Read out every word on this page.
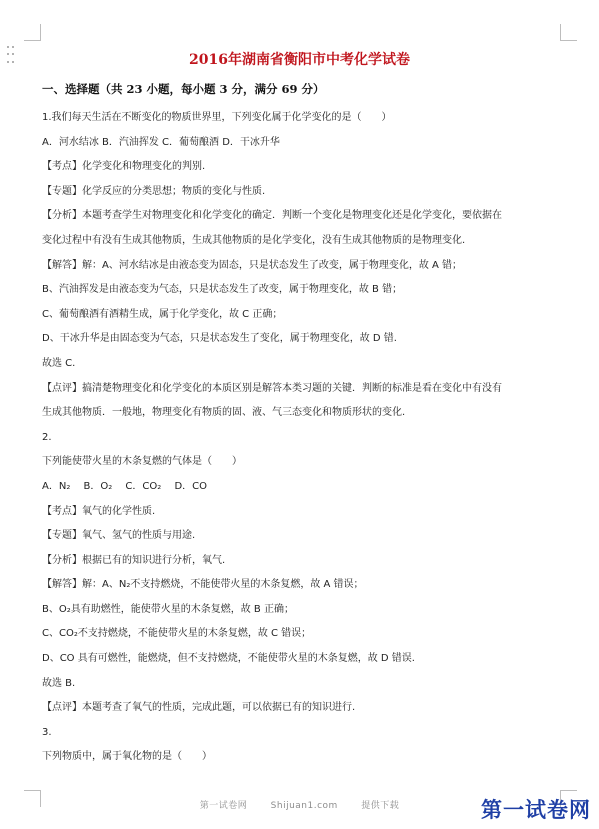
2016年湖南省衡阳市中考化学试卷
一、选择题（共 23 小题，每小题 3 分，满分 69 分）
1.我们每天生活在不断变化的物质世界里，下列变化属于化学变化的是（　　）
A．河水结冰 B．汽油挥发 C．葡萄酿酒 D．干冰升华
【考点】化学变化和物理变化的判别.
【专题】化学反应的分类思想；物质的变化与性质.
【分析】本题考查学生对物理变化和化学变化的确定．判断一个变化是物理变化还是化学变化，要依据在
变化过程中有没有生成其他物质，生成其他物质的是化学变化，没有生成其他物质的是物理变化.
【解答】解：A、河水结冰是由液态变为固态，只是状态发生了改变，属于物理变化，故 A 错；
B、汽油挥发是由液态变为气态，只是状态发生了改变，属于物理变化，故 B 错；
C、葡萄酿酒有酒精生成，属于化学变化，故 C 正确；
D、干冰升华是由固态变为气态，只是状态发生了变化，属于物理变化，故 D 错.
故选 C.
【点评】搞清楚物理变化和化学变化的本质区别是解答本类习题的关键．判断的标准是看在变化中有没有
生成其他物质．一般地，物理变化有物质的固、液、气三态变化和物质形状的变化.
2.
下列能使带火星的木条复燃的气体是（　　）
A．N₂　 B．O₂　 C．CO₂　 D．CO
【考点】氧气的化学性质.
【专题】氧气、氢气的性质与用途.
【分析】根据已有的知识进行分析，氧气.
【解答】解：A、N₂不支持燃烧，不能使带火星的木条复燃，故 A 错误；
B、O₂具有助燃性，能使带火星的木条复燃，故 B 正确；
C、CO₂不支持燃烧，不能使带火星的木条复燃，故 C 错误；
D、CO 具有可燃性，能燃烧，但不支持燃烧，不能使带火星的木条复燃，故 D 错误.
故选 B.
【点评】本题考查了氧气的性质，完成此题，可以依据已有的知识进行.
3.
下列物质中，属于氧化物的是（　　）
第一试卷网	Shijuan1.com	提供下载	第一试卷网
